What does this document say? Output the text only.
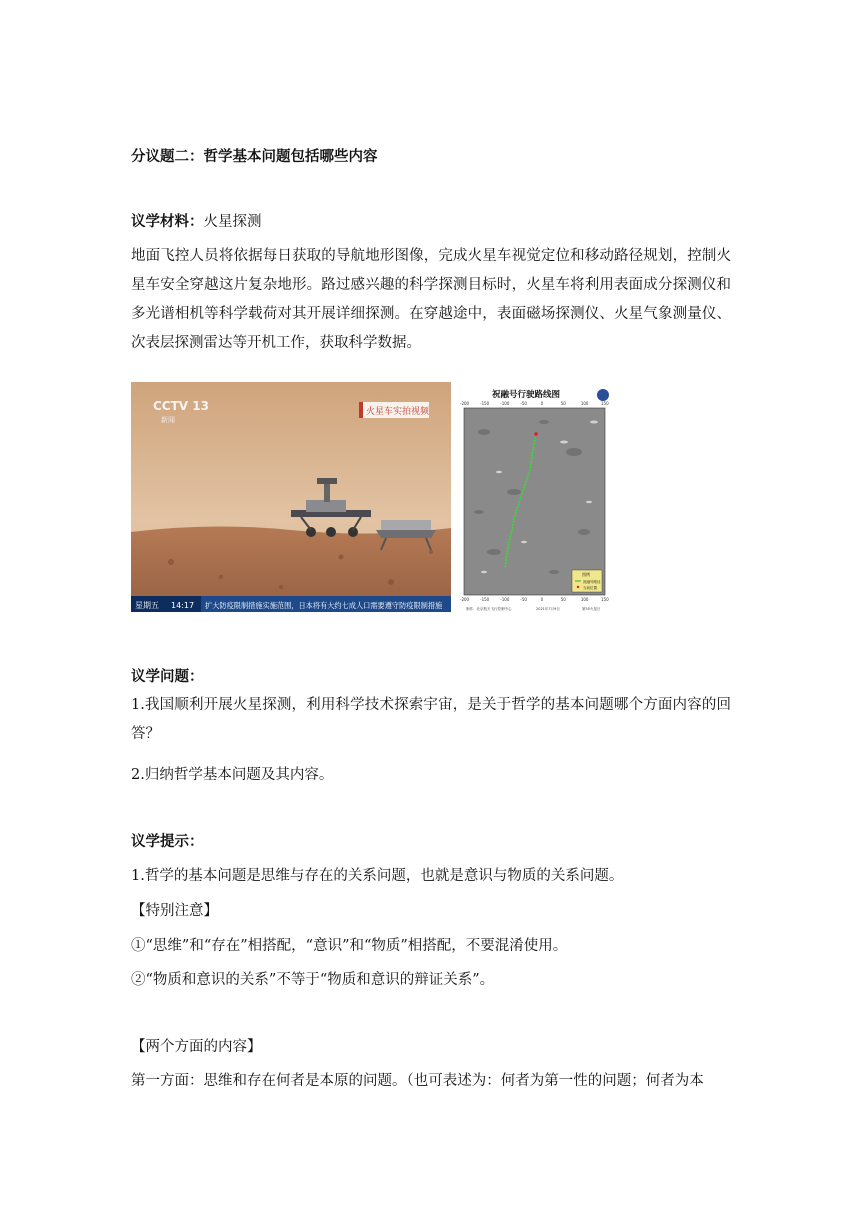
分议题二：哲学基本问题包括哪些内容
议学材料：火星探测
地面飞控人员将依据每日获取的导航地形图像，完成火星车视觉定位和移动路径规划，控制火星车安全穿越这片复杂地形。路过感兴趣的科学探测目标时，火星车将利用表面成分探测仪和多光谱相机等科学载荷对其开展详细探测。在穿越途中，表面磁场探测仪、火星气象测量仪、次表层探测雷达等开机工作，获取科学数据。
CCTV 13
新闻
火星车实拍视频
星期五 14:17 扩大防疫限制措施实施范围，日本将有大约七成人口需要遵守防疫限制措施
祝融号行驶路线图
-200	-150	-100	-50	0	50	100	150
图例
祝融号路径
当前位置
-200	-150	-100	-50	0	50	100	150
制作：北京航天飞行控制中心	2021年7月9日	第55火星日
议学问题：
1.我国顺利开展火星探测，利用科学技术探索宇宙，是关于哲学的基本问题哪个方面内容的回答？
2.归纳哲学基本问题及其内容。
议学提示：
1.哲学的基本问题是思维与存在的关系问题，也就是意识与物质的关系问题。
【特别注意】
①“思维”和“存在”相搭配，“意识”和“物质”相搭配，不要混淆使用。
②“物质和意识的关系”不等于“物质和意识的辩证关系”。
【两个方面的内容】
第一方面：思维和存在何者是本原的问题。（也可表述为：何者为第一性的问题；何者为本
